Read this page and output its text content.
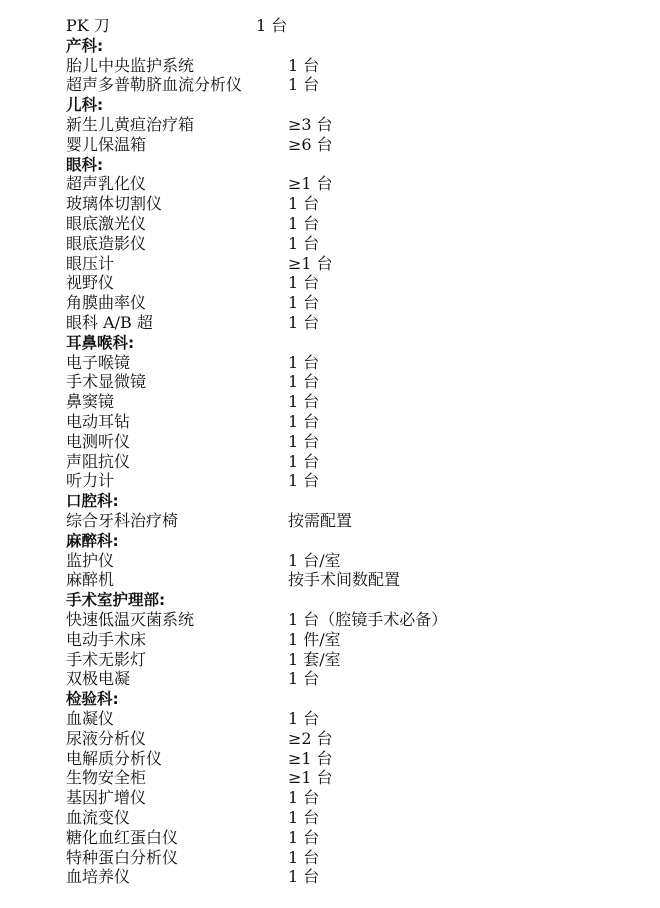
PK 刀	1 台
产科:
胎儿中央监护系统	1 台
超声多普勒脐血流分析仪	1 台
儿科:
新生儿黄疸治疗箱	≥3 台
婴儿保温箱	≥6 台
眼科:
超声乳化仪	≥1 台
玻璃体切割仪	1 台
眼底激光仪	1 台
眼底造影仪	1 台
眼压计	≥1 台
视野仪	1 台
角膜曲率仪	1 台
眼科 A/B 超	1 台
耳鼻喉科:
电子喉镜	1 台
手术显微镜	1 台
鼻窦镜	1 台
电动耳钻	1 台
电测听仪	1 台
声阻抗仪	1 台
听力计	1 台
口腔科:
综合牙科治疗椅	按需配置
麻醉科:
监护仪	1 台/室
麻醉机	按手术间数配置
手术室护理部:
快速低温灭菌系统	1 台（腔镜手术必备）
电动手术床	1 件/室
手术无影灯	1 套/室
双极电凝	1 台
检验科:
血凝仪	1 台
尿液分析仪	≥2 台
电解质分析仪	≥1 台
生物安全柜	≥1 台
基因扩增仪	1 台
血流变仪	1 台
糖化血红蛋白仪	1 台
特种蛋白分析仪	1 台
血培养仪	1 台
